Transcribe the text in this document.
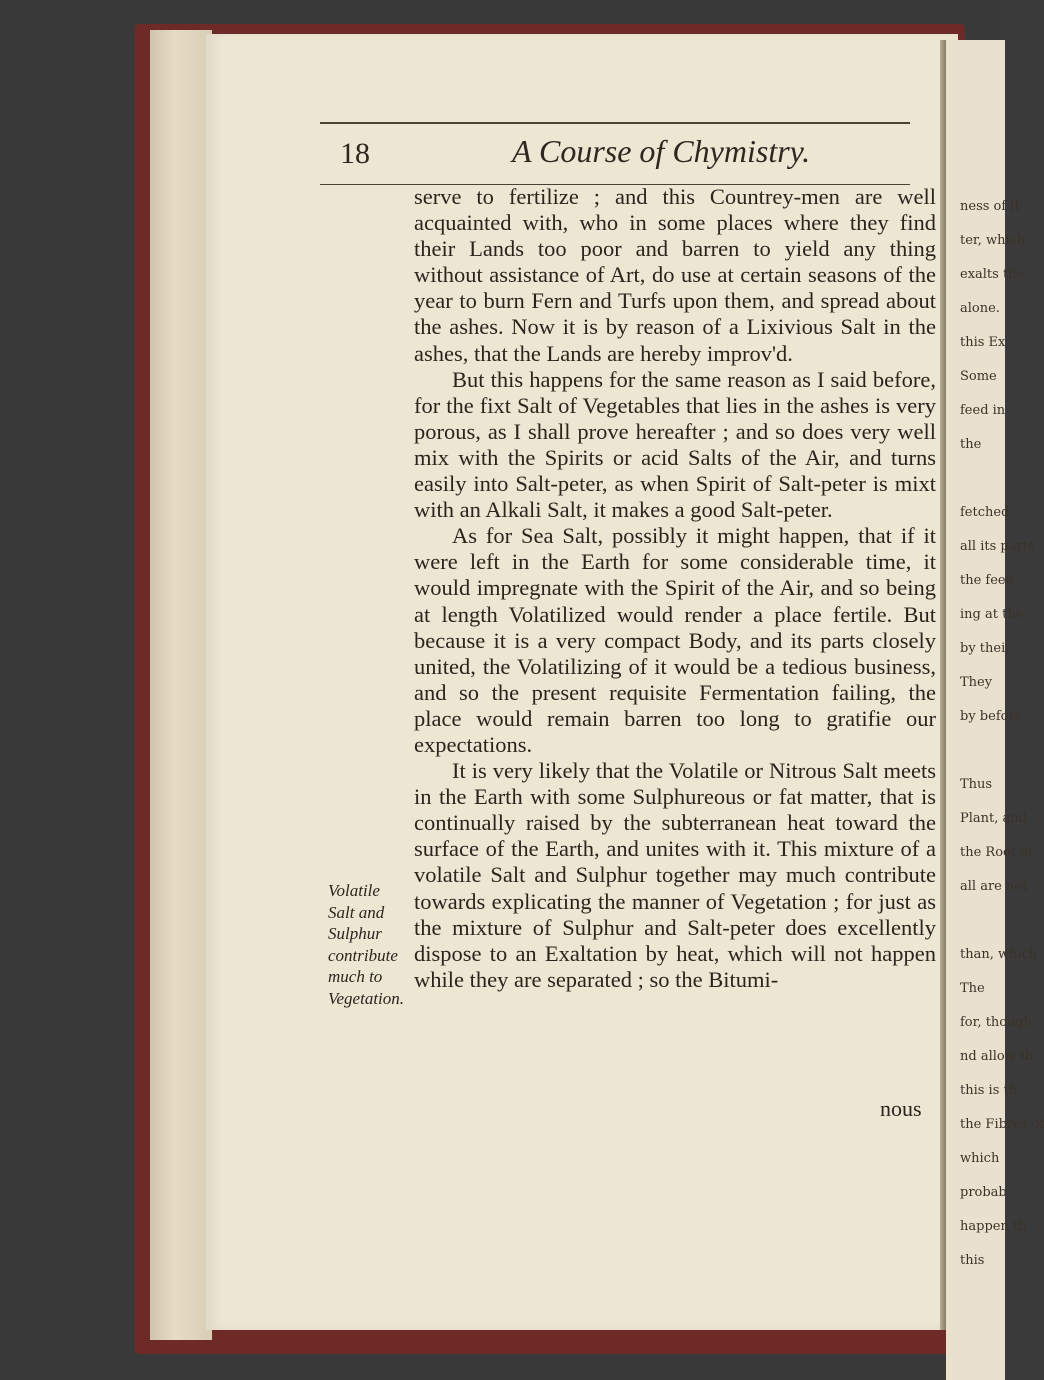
ness of it
ter, which
exalts the
alone.
this Ex
Some
feed in
the

fetched
all its parts
the feed
ing at the
by their
They
by before

Thus
Plant, and
the Root of
all are not

than, which
The
for, though
nd allow th
this is th
the Fibres of
which
probab
happen th
this
18	A Course of Chymistry.

serve to fertilize ; and this Countrey-men are well acquainted with, who in some places where they find their Lands too poor and barren to yield any thing without assistance of Art, do use at certain seasons of the year to burn Fern and Turfs upon them, and spread about the ashes. Now it is by reason of a Lixivious Salt in the ashes, that the Lands are hereby improv'd.

But this happens for the same reason as I said before, for the fixt Salt of Vegetables that lies in the ashes is very porous, as I shall prove hereafter ; and so does very well mix with the Spirits or acid Salts of the Air, and turns easily into Salt-peter, as when Spirit of Salt-peter is mixt with an Alkali Salt, it makes a good Salt-peter.

As for Sea Salt, possibly it might happen, that if it were left in the Earth for some considerable time, it would impregnate with the Spirit of the Air, and so being at length Volatilized would render a place fertile. But because it is a very compact Body, and its parts closely united, the Volatilizing of it would be a tedious business, and so the present requisite Fermentation failing, the place would remain barren too long to gratifie our expectations.

It is very likely that the Volatile or Nitrous Salt meets in the Earth with some Sulphureous or fat matter, that is continually raised by the subterranean heat toward the surface of the Earth, and unites with it. This mixture of a volatile Salt and Sulphur together may much contribute towards explicating the manner of Vegetation ; for just as the mixture of Sulphur and Salt-peter does excellently dispose to an Exaltation by heat, which will not happen while they are separated ; so the Bitumi-

nous
Volatile
Salt and
Sulphur
contribute
much to
Vegetation.
